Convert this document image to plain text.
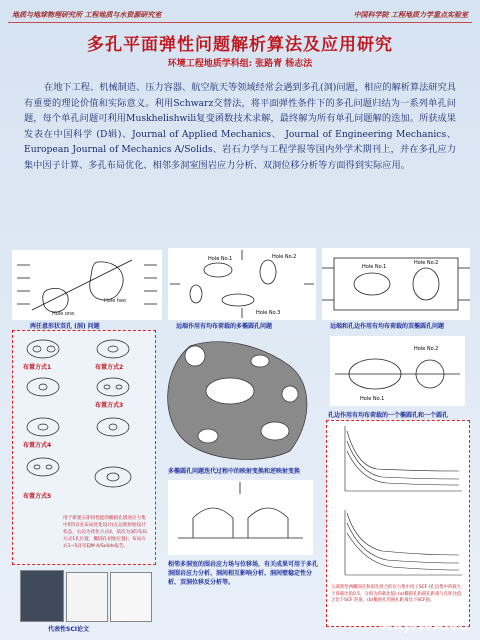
地质与地球物理研究所 工程地质与水资源研究室	中国科学院 工程地质力学重点实验室
多孔平面弹性问题解析算法及应用研究
环境工程地质学科组: 张路青 杨志法
在地下工程、机械制造、压力容器、航空航天等领域经常会遇到多孔(洞)问题，相应的解析算法研究具有重要的理论价值和实际意义。利用Schwarz交替法，将平面弹性条件下的多孔问题归结为一系列单孔问题，每个单孔问题可利用Muskhelishwili复变函数技术求解，最终解为所有单孔问题解的迭加。所获成果发表在中国科学 (D辑)、Journal of Applied Mechanics、 Journal of Engineering Mechanics、European Journal of Mechanics A/Solids、岩石力学与工程学报等国内外学术期刊上，并在多孔应力集中因子计算、多孔布局优化、相邻多洞室围岩应力分析、双洞位移分析等方面得到实际应用。
Hole two
Hole one
Hole No.1	Hole No.2
Hole No.3
Hole No.1
Hole No.2
两任意形状双孔 (洞) 问题	远端作用有均布荷载的多椭圆孔问题	远端和孔边作用有均布荷载的双椭圆孔问题
布置方式1	布置方式2
布置方式3
布置方式4
布置方式5
用于新建五即将性能的椭圆孔塔述应力集中的5百孔布局优化设计(左边即原始设计状态，右边为优化方式4，依次为3的布局方式1孔位置，椭圆孔初始位置)；布局方式1~5详见EJM A/Solids报告。
代表性SCI论文
多椭圆孔问题迭代过程中的映射变换和逆映射变换
相邻多洞室的围岩应力场与位移场，有关成果可用于多孔洞围岩应力分析、洞间相互影响分析、洞间壁稳定性分析、双洞位移反分析等。
Hole No.2
Hole No.1
孔边作用有均布荷载的一个椭圆孔和一个圆孔

五部典型两椭圆孔和圆孔组合的应力集中因子SCF (孔边集中荷载大于荷载比值0.5，分别为荷载比值) (a)椭圆孔和圆孔距离与孔距比值之比下SCF 的值，(b)椭圆孔到圆孔距离比下SCF值。
KKJIWANG
